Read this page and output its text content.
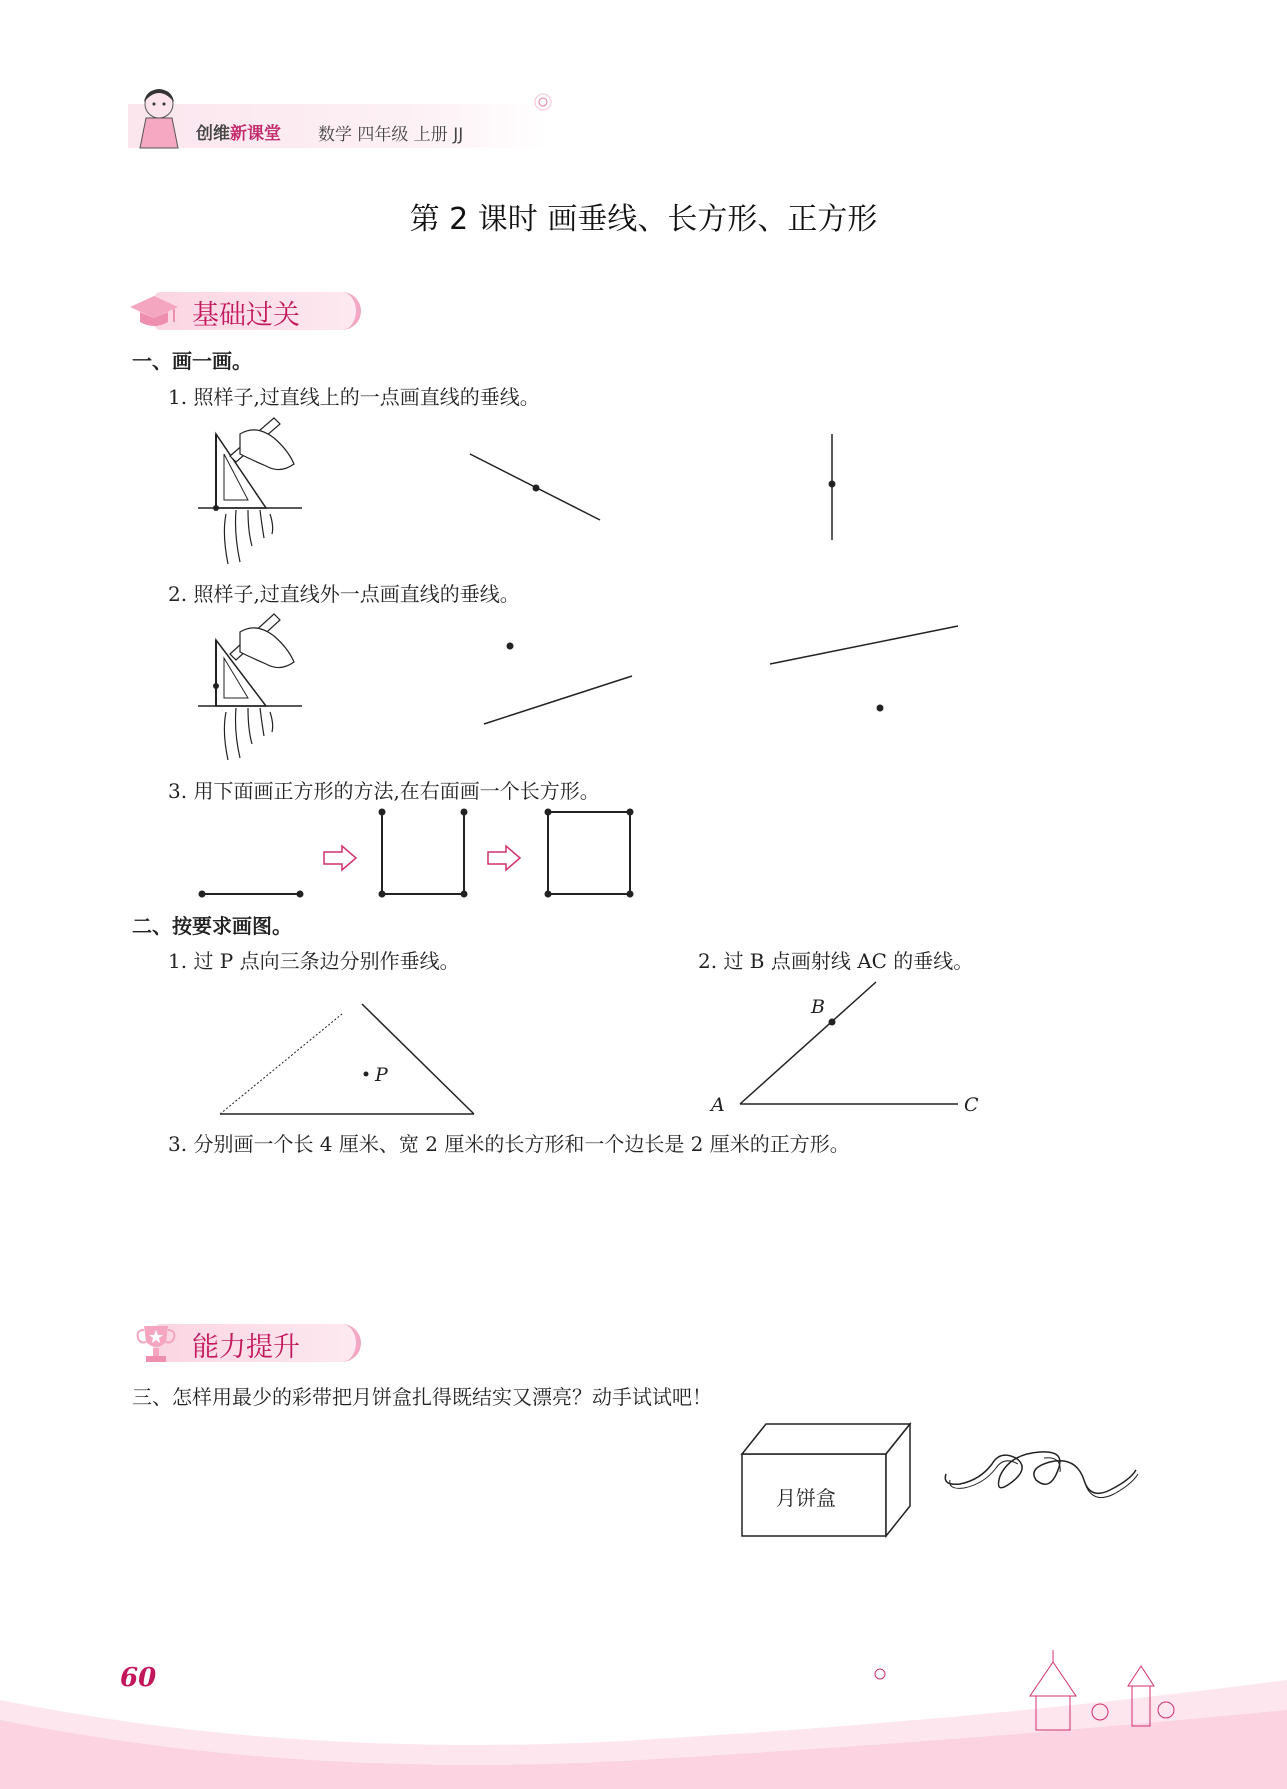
创维新课堂 数学 四年级 上册 JJ
第 2 课时 画垂线、长方形、正方形
基础过关
一、画一画。
1. 照样子,过直线上的一点画直线的垂线。
2. 照样子,过直线外一点画直线的垂线。
3. 用下面画正方形的方法,在右面画一个长方形。
二、按要求画图。
1. 过 P 点向三条边分别作垂线。	2. 过 B 点画射线 AC 的垂线。
P
B
A	C
3. 分别画一个长 4 厘米、宽 2 厘米的长方形和一个边长是 2 厘米的正方形。
能力提升
三、怎样用最少的彩带把月饼盒扎得既结实又漂亮？动手试试吧！
月饼盒
60
